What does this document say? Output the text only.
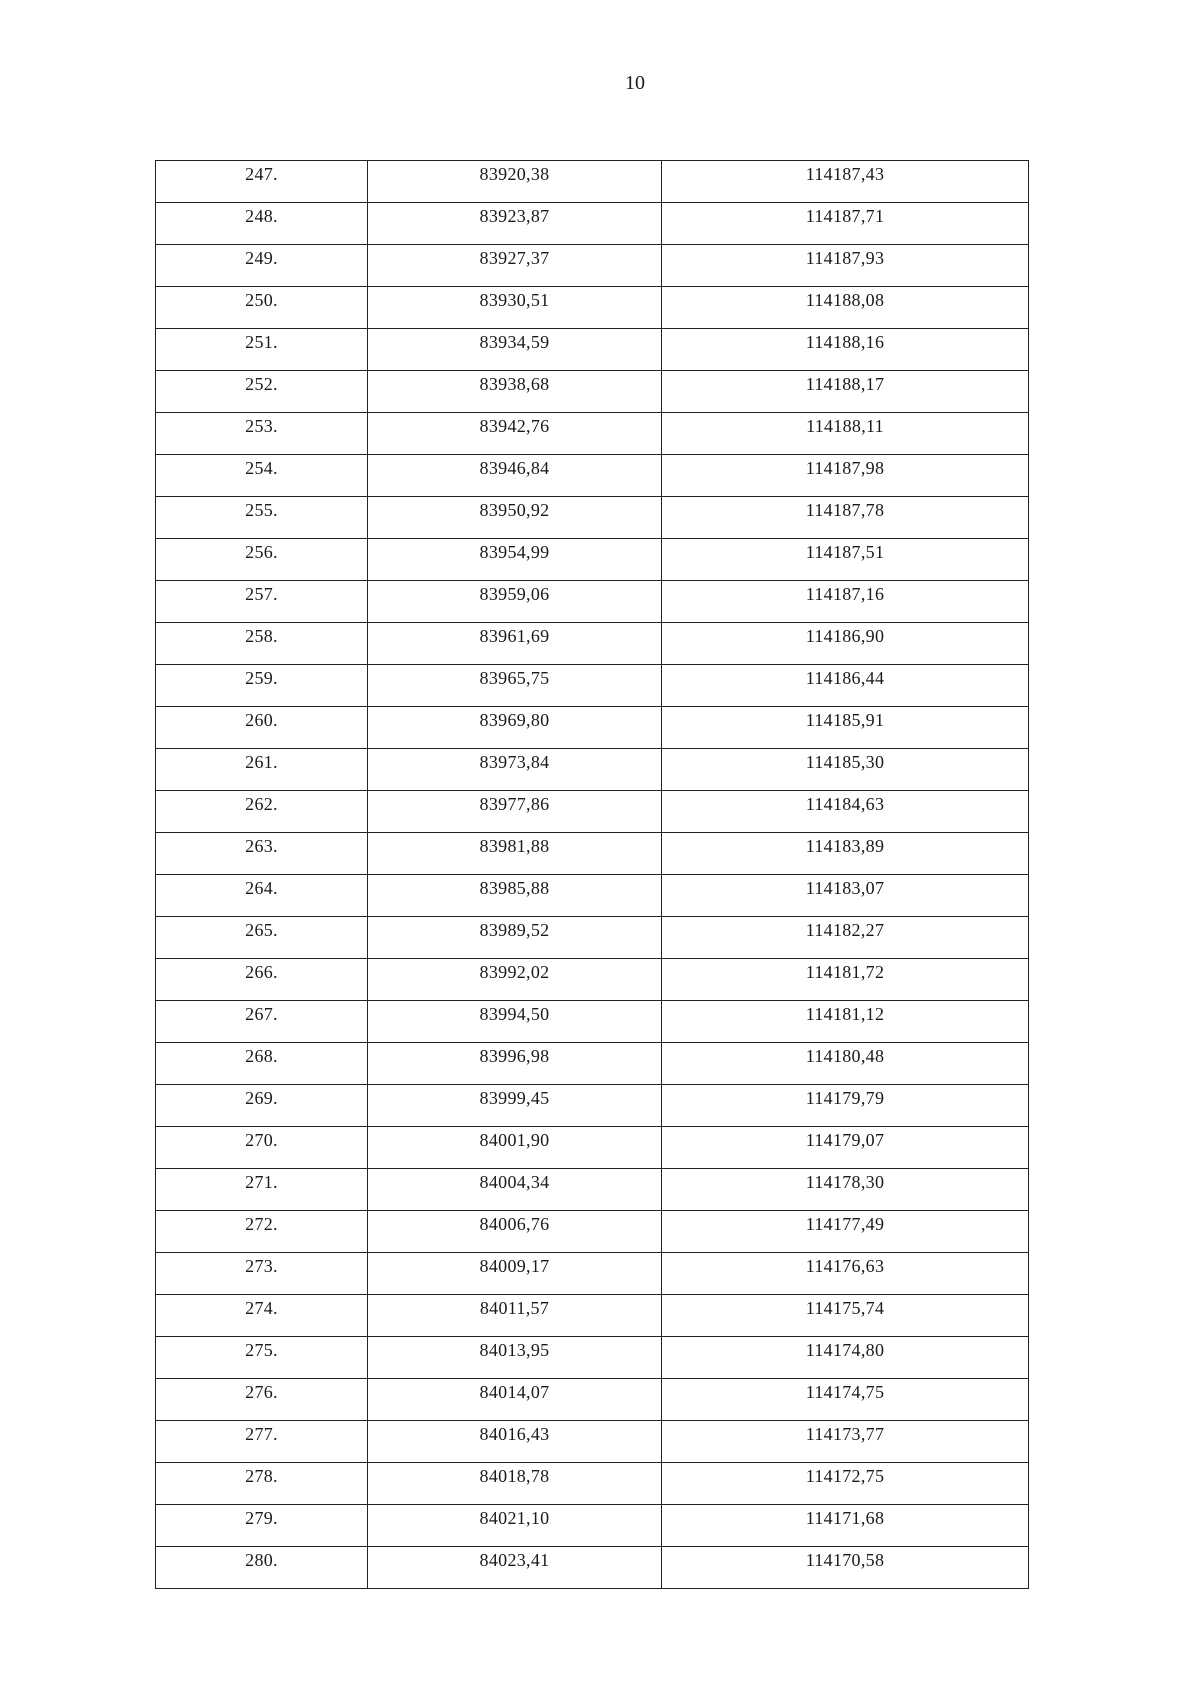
10
247.	83920,38	114187,43
248.	83923,87	114187,71
249.	83927,37	114187,93
250.	83930,51	114188,08
251.	83934,59	114188,16
252.	83938,68	114188,17
253.	83942,76	114188,11
254.	83946,84	114187,98
255.	83950,92	114187,78
256.	83954,99	114187,51
257.	83959,06	114187,16
258.	83961,69	114186,90
259.	83965,75	114186,44
260.	83969,80	114185,91
261.	83973,84	114185,30
262.	83977,86	114184,63
263.	83981,88	114183,89
264.	83985,88	114183,07
265.	83989,52	114182,27
266.	83992,02	114181,72
267.	83994,50	114181,12
268.	83996,98	114180,48
269.	83999,45	114179,79
270.	84001,90	114179,07
271.	84004,34	114178,30
272.	84006,76	114177,49
273.	84009,17	114176,63
274.	84011,57	114175,74
275.	84013,95	114174,80
276.	84014,07	114174,75
277.	84016,43	114173,77
278.	84018,78	114172,75
279.	84021,10	114171,68
280.	84023,41	114170,58
